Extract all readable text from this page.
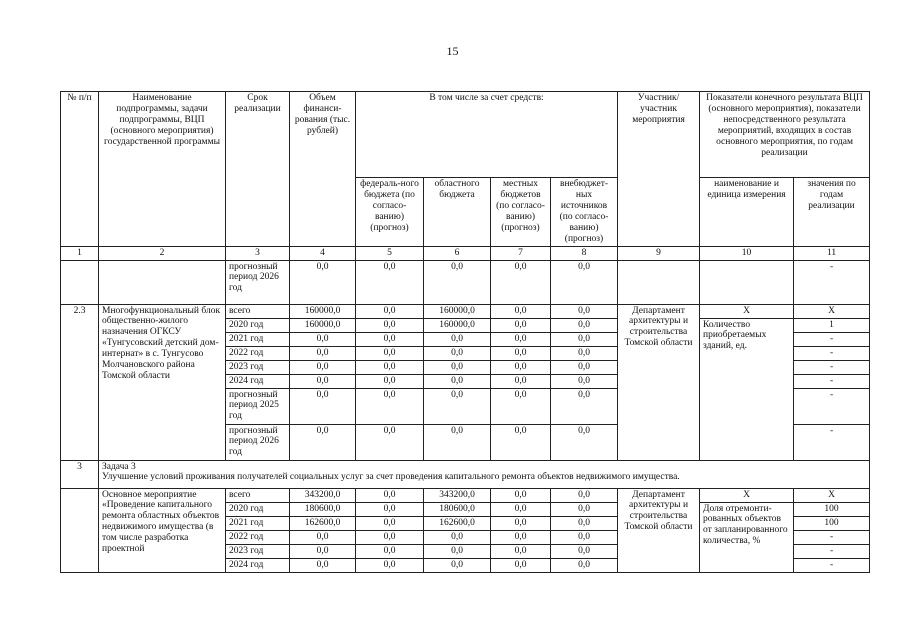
15
№ п/п	Наименование подпрограммы, задачи подпрограммы, ВЦП (основного мероприятия) государственной программы	Срок реализации	Объем финанси-рования (тыс. рублей)	В том числе за счет средств:				Участник/ участник мероприятия	Показатели конечного результата ВЦП (основного мероприятия), показатели непосредственного результата мероприятий, входящих в состав основного мероприятия, по годам реализации	
				федераль-ного бюджета (по согласо-ванию) (прогноз)	областного бюджета	местных бюджетов (по согласо-ванию) (прогноз)	внебюджет-ных источников (по согласо-ванию) (прогноз)		наименование и единица измерения	значения по годам реализации
1	2	3	4	5	6	7	8	9	10	11
		прогнозный период 2026 год	0,0	0,0	0,0	0,0	0,0			-
2.3	Многофункциональный блок общественно-жилого назначения ОГКСУ «Тунгусовский детский дом-интернат» в с. Тунгусово Молчановского района Томской области	всего	160000,0	0,0	160000,0	0,0	0,0	Департамент архитектуры и строительства Томской области	X	X
		2020 год	160000,0	0,0	160000,0	0,0	0,0		Количество приобретаемых зданий, ед.	1
		2021 год	0,0	0,0	0,0	0,0	0,0			-
		2022 год	0,0	0,0	0,0	0,0	0,0			-
		2023 год	0,0	0,0	0,0	0,0	0,0			-
		2024 год	0,0	0,0	0,0	0,0	0,0			-
		прогнозный период 2025 год	0,0	0,0	0,0	0,0	0,0			-
		прогнозный период 2026 год	0,0	0,0	0,0	0,0	0,0			-
3	Задача 3
Улучшение условий проживания получателей социальных услуг за счет проведения капитального ремонта объектов недвижимого имущества.									

	Основное мероприятие «Проведение капитального ремонта областных объектов недвижимого имущества (в том числе разработка проектной	всего	343200,0	0,0	343200,0	0,0	0,0	Департамент архитектуры и строительства Томской области	X	X
		2020 год	180600,0	0,0	180600,0	0,0	0,0		Доля отремонти-рованных объектов от запланированного количества, %	100
		2021 год	162600,0	0,0	162600,0	0,0	0,0			100
		2022 год	0,0	0,0	0,0	0,0	0,0			-
		2023 год	0,0	0,0	0,0	0,0	0,0			-
		2024 год	0,0	0,0	0,0	0,0	0,0			-
